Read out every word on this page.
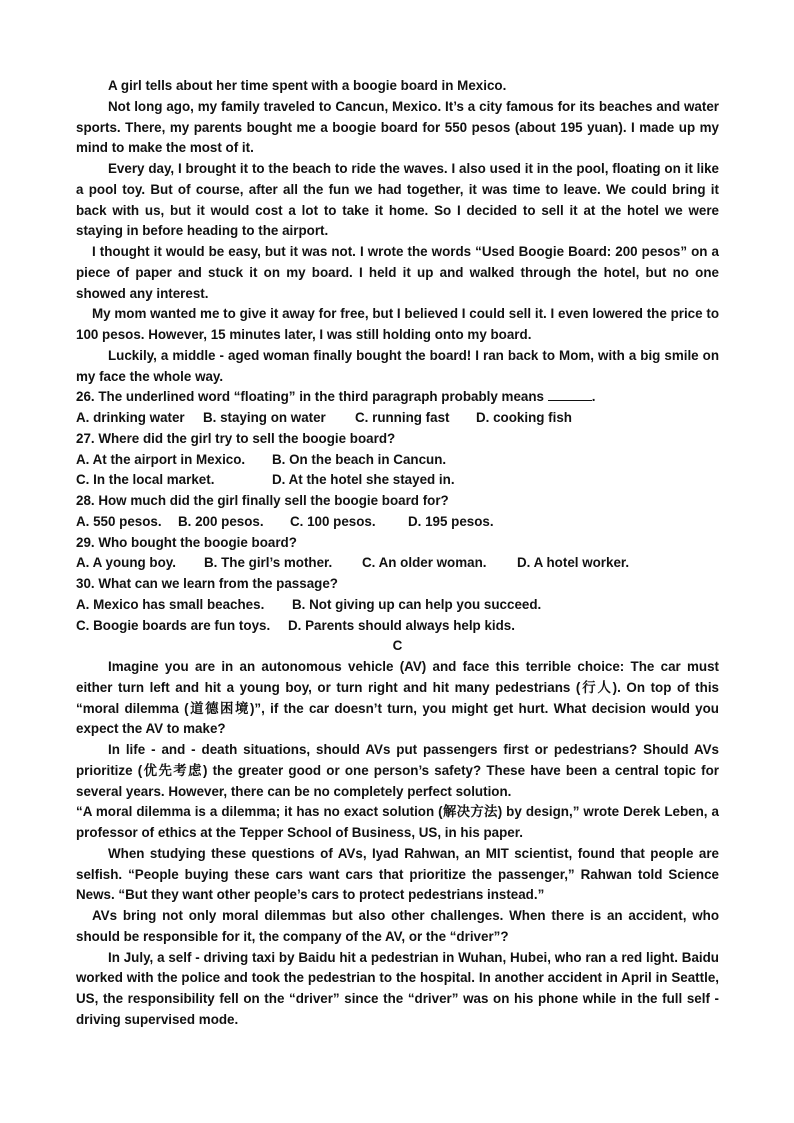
A girl tells about her time spent with a boogie board in Mexico.

Not long ago, my family traveled to Cancun, Mexico. It’s a city famous for its beaches and water sports. There, my parents bought me a boogie board for 550 pesos (about 195 yuan). I made up my mind to make the most of it.

Every day, I brought it to the beach to ride the waves. I also used it in the pool, floating on it like a pool toy. But of course, after all the fun we had together, it was time to leave. We could bring it back with us, but it would cost a lot to take it home. So I decided to sell it at the hotel we were staying in before heading to the airport.

I thought it would be easy, but it was not. I wrote the words “Used Boogie Board: 200 pesos” on a piece of paper and stuck it on my board. I held it up and walked through the hotel, but no one showed any interest.

My mom wanted me to give it away for free, but I believed I could sell it. I even lowered the price to 100 pesos. However, 15 minutes later, I was still holding onto my board.

Luckily, a middle - aged woman finally bought the board! I ran back to Mom, with a big smile on my face the whole way.

26. The underlined word “floating” in the third paragraph probably means	.

A. drinking water B. staying on water C. running fast D. cooking fish

27. Where did the girl try to sell the boogie board?

A. At the airport in Mexico. B. On the beach in Cancun.

C. In the local market.	D. At the hotel she stayed in.

28. How much did the girl finally sell the boogie board for?

A. 550 pesos. B. 200 pesos. C. 100 pesos. D. 195 pesos.

29. Who bought the boogie board?

A. A young boy. B. The girl’s mother. C. An older woman. D. A hotel worker.

30. What can we learn from the passage?

A. Mexico has small beaches. B. Not giving up can help you succeed.

C. Boogie boards are fun toys. D. Parents should always help kids.

C

Imagine you are in an autonomous vehicle (AV) and face this terrible choice: The car must either turn left and hit a young boy, or turn right and hit many pedestrians (行人). On top of this “moral dilemma (道德困境)”, if the car doesn’t turn, you might get hurt. What decision would you expect the AV to make?

In life - and - death situations, should AVs put passengers first or pedestrians? Should AVs prioritize (优先考虑) the greater good or one person’s safety? These have been a central topic for several years. However, there can be no completely perfect solution.

“A moral dilemma is a dilemma; it has no exact solution (解决方法) by design,” wrote Derek Leben, a professor of ethics at the Tepper School of Business, US, in his paper.

When studying these questions of AVs, Iyad Rahwan, an MIT scientist, found that people are selfish. “People buying these cars want cars that prioritize the passenger,” Rahwan told Science News. “But they want other people’s cars to protect pedestrians instead.”

AVs bring not only moral dilemmas but also other challenges. When there is an accident, who should be responsible for it, the company of the AV, or the “driver”?

In July, a self - driving taxi by Baidu hit a pedestrian in Wuhan, Hubei, who ran a red light. Baidu worked with the police and took the pedestrian to the hospital. In another accident in April in Seattle, US, the responsibility fell on the “driver” since the “driver” was on his phone while in the full self - driving supervised mode.
